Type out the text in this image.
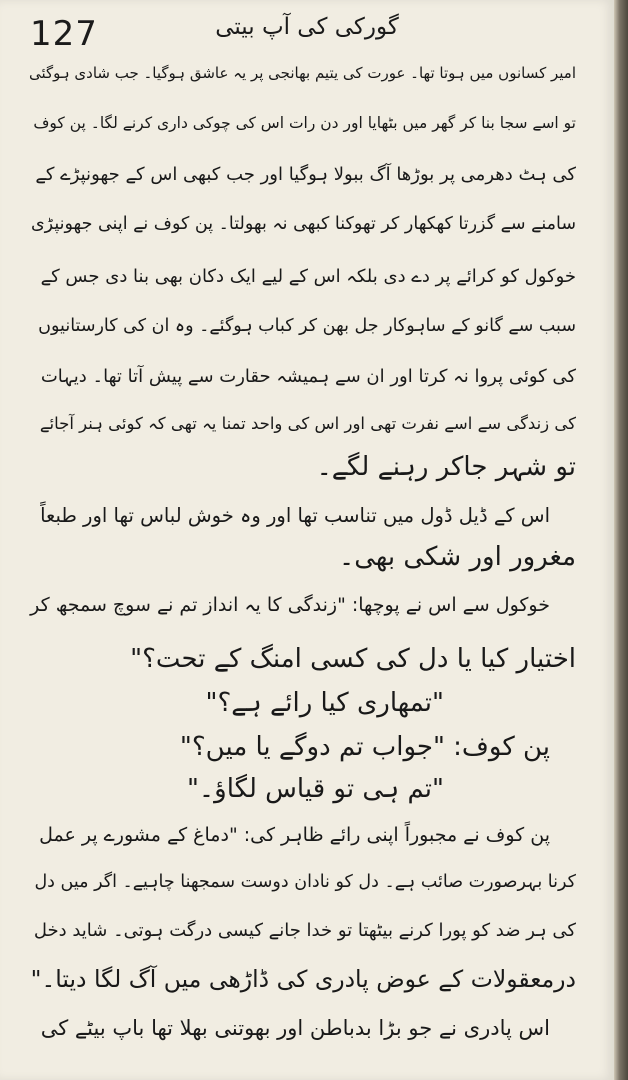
127	گورکی کی آپ بیتی
امیر کسانوں میں ہوتا تھا۔ عورت کی یتیم بھانجی پر یہ عاشق ہوگیا۔ جب شادی ہوگئی
تو اسے سجا بنا کر گھر میں بٹھایا اور دن رات اس کی چوکی داری کرنے لگا۔ پن کوف
کی ہٹ دھرمی پر بوڑھا آگ ببولا ہوگیا اور جب کبھی اس کے جھونپڑے کے
سامنے سے گزرتا کھکھار کر تھوکنا کبھی نہ بھولتا۔ پن کوف نے اپنی جھونپڑی
خوکول کو کرائے پر دے دی بلکہ اس کے لیے ایک دکان بھی بنا دی جس کے
سبب سے گانو کے ساہوکار جل بھن کر کباب ہوگئے۔ وہ ان کی کارستانیوں
کی کوئی پروا نہ کرتا اور ان سے ہمیشہ حقارت سے پیش آتا تھا۔ دیہات
کی زندگی سے اسے نفرت تھی اور اس کی واحد تمنا یہ تھی کہ کوئی ہنر آجائے
تو شہر جاکر رہنے لگے۔
اس کے ڈیل ڈول میں تناسب تھا اور وہ خوش لباس تھا اور طبعاً
مغرور اور شکی بھی۔
خوکول سے اس نے پوچھا: "زندگی کا یہ انداز تم نے سوچ سمجھ کر
اختیار کیا یا دل کی کسی امنگ کے تحت؟"
"تمھاری کیا رائے ہے؟"
پن کوف: "جواب تم دوگے یا میں؟"
"تم ہی تو قیاس لگاؤ۔"
پن کوف نے مجبوراً اپنی رائے ظاہر کی: "دماغ کے مشورے پر عمل
کرنا بہرصورت صائب ہے۔ دل کو نادان دوست سمجھنا چاہیے۔ اگر میں دل
کی ہر ضد کو پورا کرنے بیٹھتا تو خدا جانے کیسی درگت ہوتی۔ شاید دخل
درمعقولات کے عوض پادری کی ڈاڑھی میں آگ لگا دیتا۔"
اس پادری نے جو بڑا بدباطن اور بھوتنی بھلا تھا باپ بیٹے کی
